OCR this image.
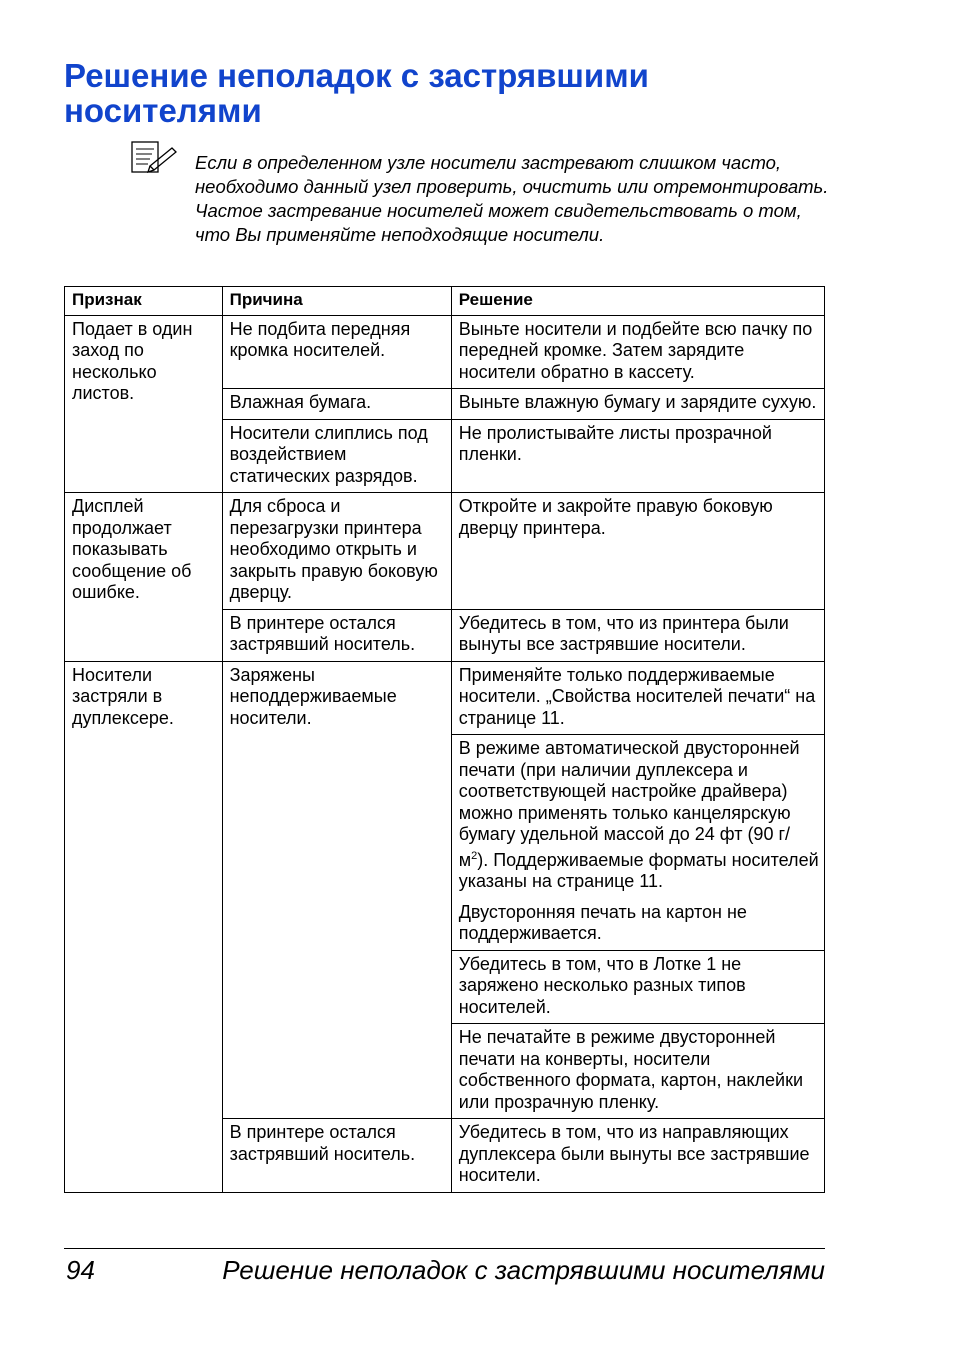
Решение неполадок с застрявшими носителями
Если в определенном узле носители застревают слишком часто, необходимо данный узел проверить, очистить или отремонтировать. Частое застревание носителей может свидетельствовать о том, что Вы применяйте неподходящие носители.
Признак	Причина	Решение
Подает в один заход по несколько листов.	Не подбита передняя кромка носителей.	Выньте носители и подбейте всю пачку по передней кромке. Затем зарядите носители обратно в кассету.
	Влажная бумага.	Выньте влажную бумагу и зарядите сухую.
	Носители слиплись под воздействием статических разрядов.	Не пролистывайте листы прозрачной пленки.
Дисплей продолжает показывать сообщение об ошибке.	Для сброса и перезагрузки принтера необходимо открыть и закрыть правую боковую дверцу.	Откройте и закройте правую боковую дверцу принтера.
	В принтере остался застрявший носитель.	Убедитесь в том, что из принтера были вынуты все застрявшие носители.
Носители застряли в дуплексере.	Заряжены неподдерживаемые носители.	Применяйте только поддерживаемые носители. „Свойства носителей печати“ на странице 11.

		В режиме автоматической двусторонней печати (при наличии дуплексера и соответствующей настройке драйвера) можно применять только канцелярскую бумагу удельной массой до 24 фт (90 $г/м^2$). Поддерживаемые форматы носителей указаны на странице 11.
Двусторонняя печать на картон не поддерживается.

		Убедитесь в том, что в Лотке 1 не заряжено несколько разных типов носителей.
		Не печатайте в режиме двусторонней печати на конверты, носители собственного формата, картон, наклейки или прозрачную пленку.
	В принтере остался застрявший носитель.	Убедитесь в том, что из направляющих дуплексера были вынуты все застрявшие носители.
94	Решение неполадок с застрявшими носителями
